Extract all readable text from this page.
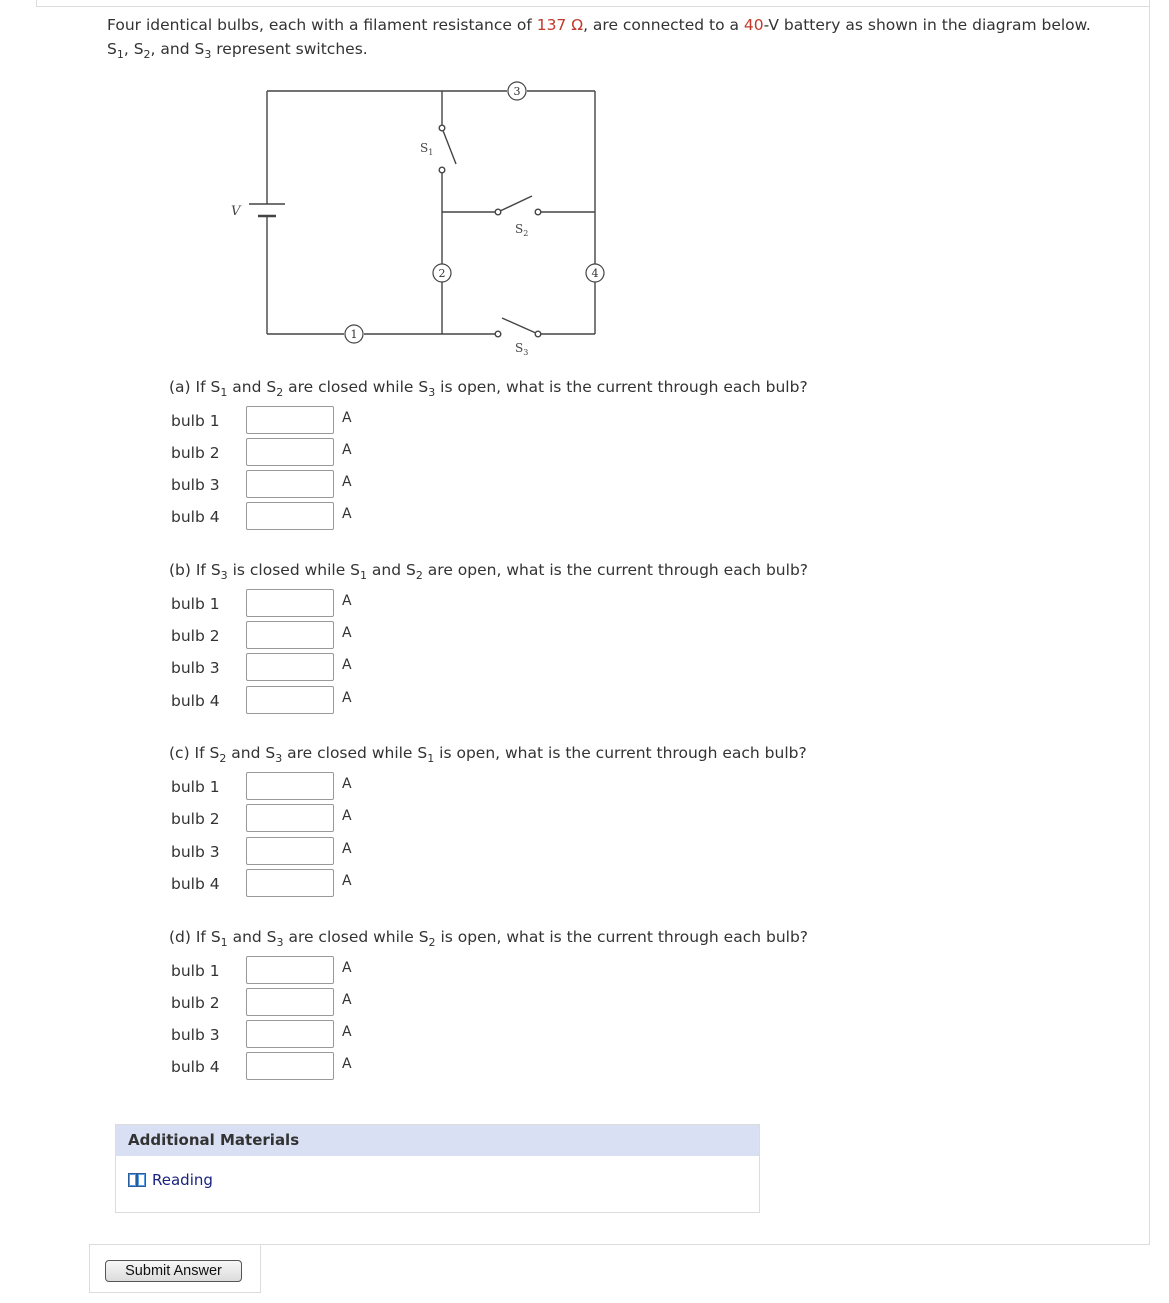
Four identical bulbs, each with a filament resistance of 137 Ω, are connected to a 40-V battery as shown in the diagram below.
$S_1$, $S_2$, and $S_3$ represent switches.
V
$S_1$
$S_2$
$S_3$
1
2
3
4
(a) If $S_1$ and $S_2$ are closed while $S_3$ is open, what is the current through each bulb?
bulb 1	A
bulb 2	A
bulb 3	A
bulb 4	A
(b) If $S_3$ is closed while $S_1$ and $S_2$ are open, what is the current through each bulb?
bulb 1	A
bulb 2	A
bulb 3	A
bulb 4	A
(c) If $S_2$ and $S_3$ are closed while $S_1$ is open, what is the current through each bulb?
bulb 1	A
bulb 2	A
bulb 3	A
bulb 4	A
(d) If $S_1$ and $S_3$ are closed while $S_2$ is open, what is the current through each bulb?
bulb 1	A
bulb 2	A
bulb 3	A
bulb 4	A
Additional Materials
Reading
Submit Answer
